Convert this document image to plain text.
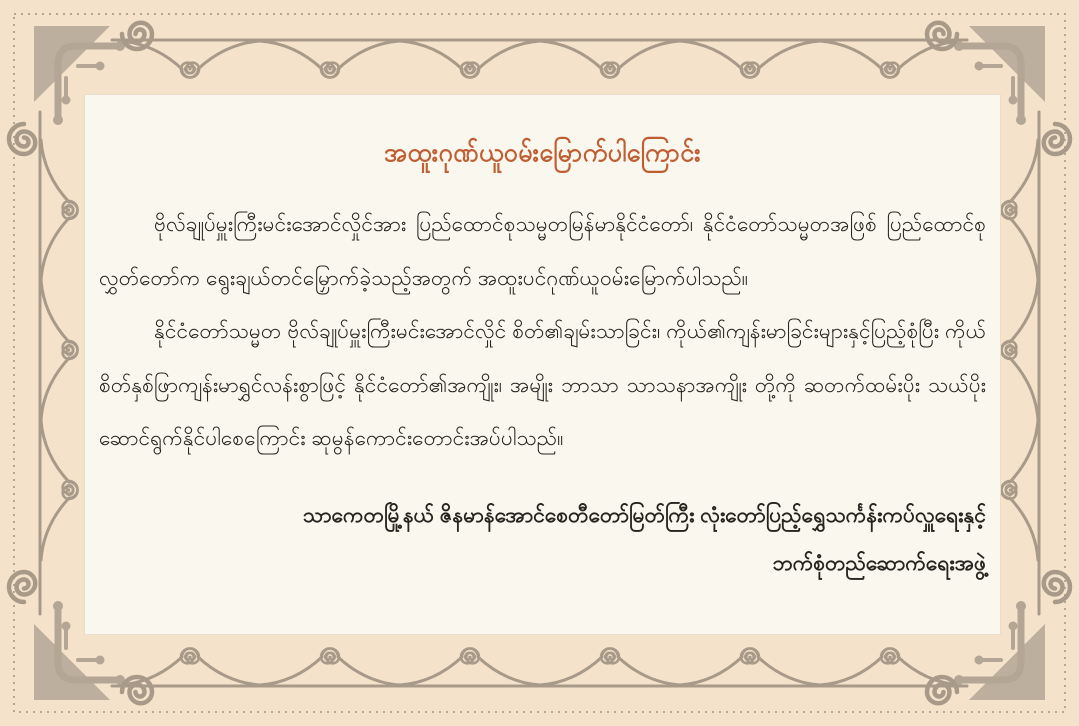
အထူးဂုဏ်ယူဝမ်းမြောက်ပါကြောင်း

ဗိုလ်ချုပ်မှူးကြီးမင်းအောင်လှိုင်အား ပြည်ထောင်စုသမ္မတမြန်မာနိုင်ငံတော်၊ နိုင်ငံတော်သမ္မတအဖြစ် ပြည်ထောင်စုလွှတ်တော်က ရွေးချယ်တင်မြှောက်ခဲ့သည့်အတွက် အထူးပင်ဂုဏ်ယူဝမ်းမြောက်ပါသည်။

နိုင်ငံတော်သမ္မတ ဗိုလ်ချုပ်မှူးကြီးမင်းအောင်လှိုင် စိတ်၏ချမ်းသာခြင်း၊ ကိုယ်၏ကျန်းမာခြင်းများနှင့်ပြည့်စုံပြီး ကိုယ်စိတ်နှစ်ဖြာကျန်းမာရွှင်လန်းစွာဖြင့် နိုင်ငံတော်၏အကျိုး၊ အမျိုး ဘာသာ သာသနာအကျိုး တို့ကို ဆတက်ထမ်းပိုး သယ်ပိုးဆောင်ရွက်နိုင်ပါစေကြောင်း ဆုမွန်ကောင်းတောင်းအပ်ပါသည်။

သာကေတမြို့နယ် ဇိနမာန်အောင်စေတီတော်မြတ်ကြီး လုံးတော်ပြည့်ရွှေသင်္ကန်းကပ်လှူရေးနှင့်

ဘက်စုံတည်ဆောက်ရေးအဖွဲ့
